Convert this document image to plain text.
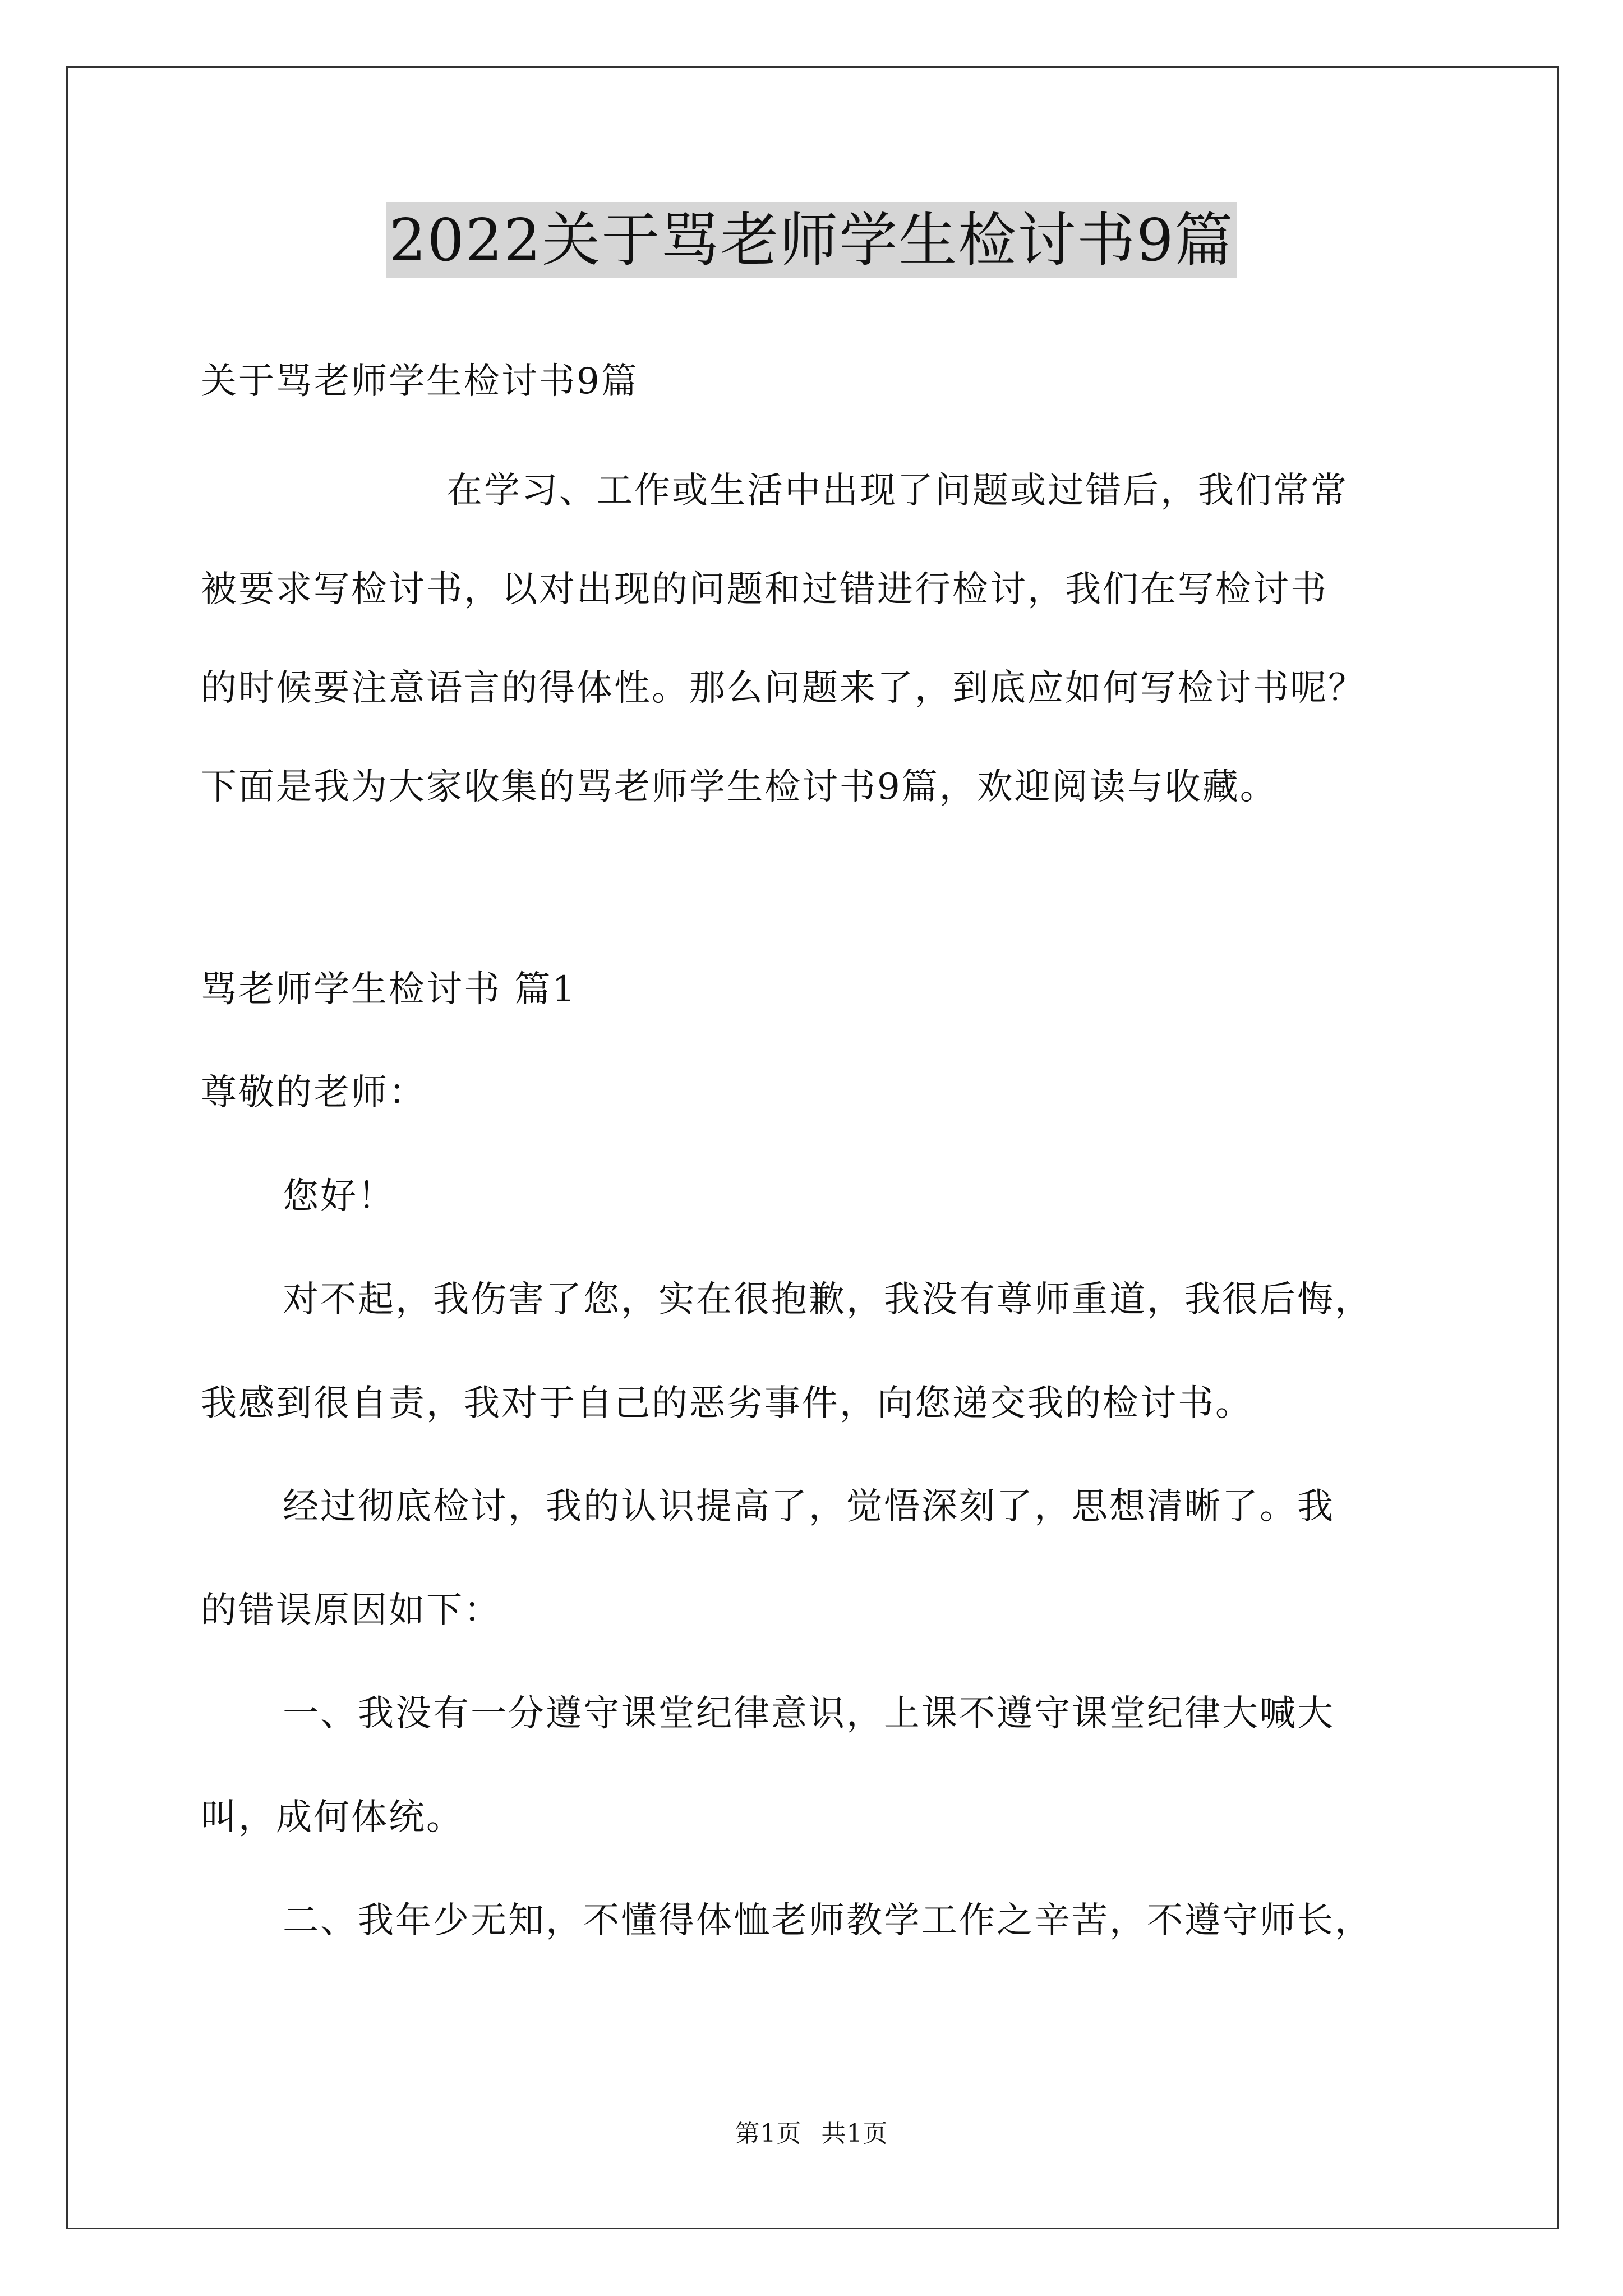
2022关于骂老师学生检讨书9篇
关于骂老师学生检讨书9篇
在学习、工作或生活中出现了问题或过错后，我们常常
被要求写检讨书，以对出现的问题和过错进行检讨，我们在写检讨书
的时候要注意语言的得体性。那么问题来了，到底应如何写检讨书呢？
下面是我为大家收集的骂老师学生检讨书9篇，欢迎阅读与收藏。
骂老师学生检讨书 篇1
尊敬的老师：
您好！
对不起，我伤害了您，实在很抱歉，我没有尊师重道，我很后悔，
我感到很自责，我对于自己的恶劣事件，向您递交我的检讨书。
经过彻底检讨，我的认识提高了，觉悟深刻了，思想清晰了。我
的错误原因如下：
一、我没有一分遵守课堂纪律意识，上课不遵守课堂纪律大喊大
叫，成何体统。
二、我年少无知，不懂得体恤老师教学工作之辛苦，不遵守师长，
第1页 共1页
